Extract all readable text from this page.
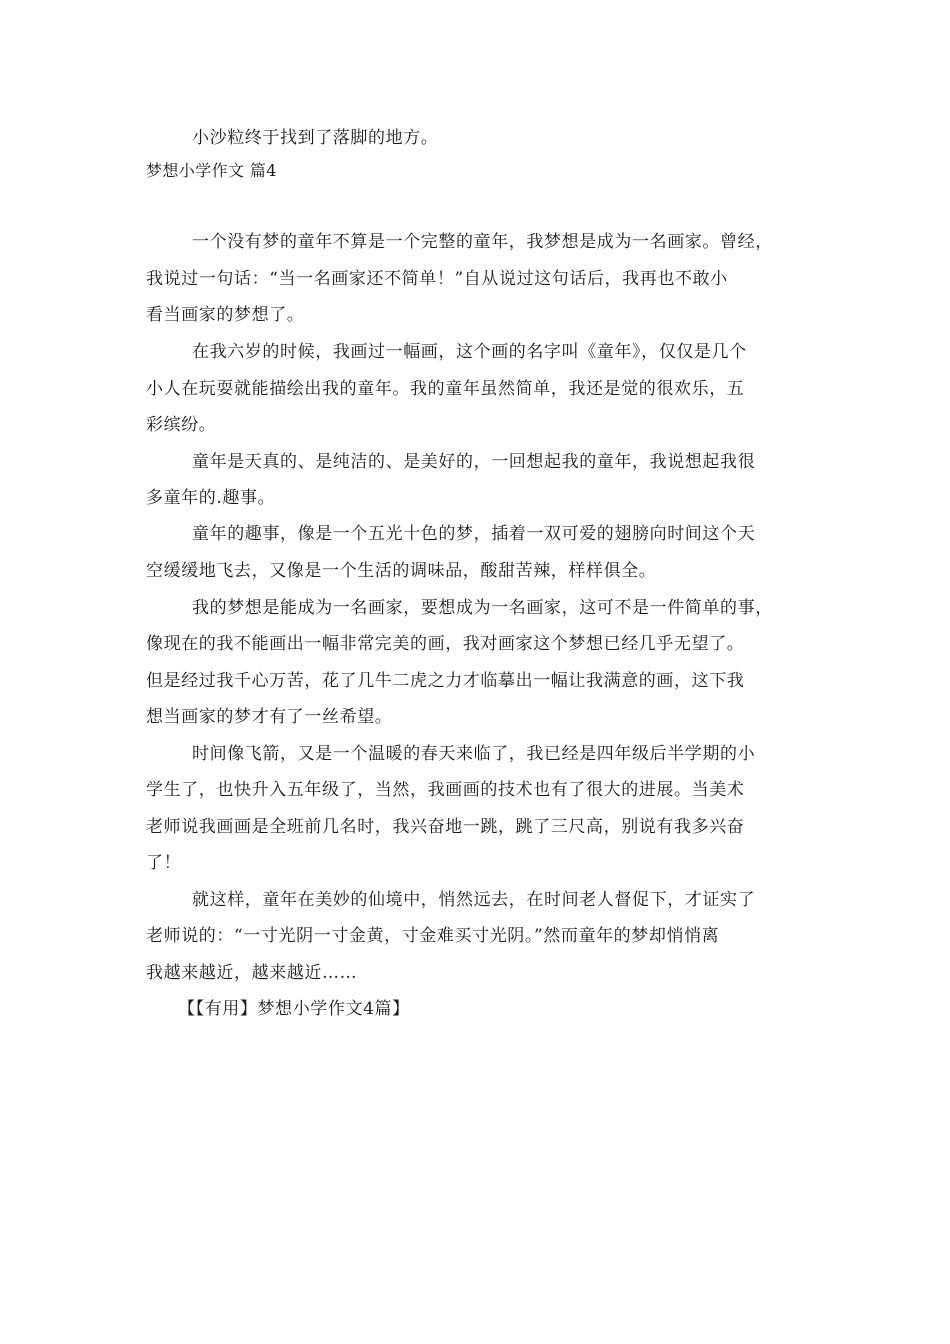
小沙粒终于找到了落脚的地方。
梦想小学作文 篇4
一个没有梦的童年不算是一个完整的童年，我梦想是成为一名画家。曾经，
我说过一句话：“当一名画家还不简单！”自从说过这句话后，我再也不敢小
看当画家的梦想了。
在我六岁的时候，我画过一幅画，这个画的名字叫《童年》，仅仅是几个
小人在玩耍就能描绘出我的童年。我的童年虽然简单，我还是觉的很欢乐，五
彩缤纷。
童年是天真的、是纯洁的、是美好的，一回想起我的童年，我说想起我很
多童年的.趣事。
童年的趣事，像是一个五光十色的梦，插着一双可爱的翅膀向时间这个天
空缓缓地飞去，又像是一个生活的调味品，酸甜苦辣，样样俱全。
我的梦想是能成为一名画家，要想成为一名画家，这可不是一件简单的事，
像现在的我不能画出一幅非常完美的画，我对画家这个梦想已经几乎无望了。
但是经过我千心万苦，花了几牛二虎之力才临摹出一幅让我满意的画，这下我
想当画家的梦才有了一丝希望。
时间像飞箭，又是一个温暖的春天来临了，我已经是四年级后半学期的小
学生了，也快升入五年级了，当然，我画画的技术也有了很大的进展。当美术
老师说我画画是全班前几名时，我兴奋地一跳，跳了三尺高，别说有我多兴奋
了！
就这样，童年在美妙的仙境中，悄然远去，在时间老人督促下，才证实了
老师说的：“一寸光阴一寸金黄，寸金难买寸光阴。”然而童年的梦却悄悄离
我越来越近，越来越近……
【【有用】梦想小学作文4篇】
